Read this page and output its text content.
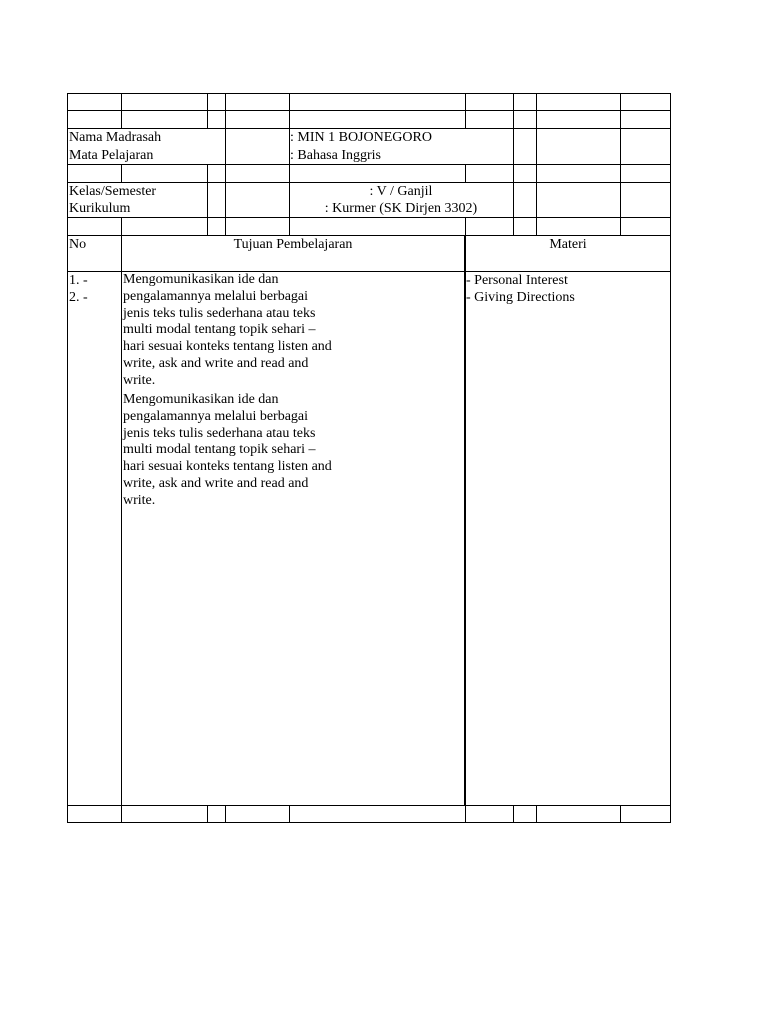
Nama Madrasah
Mata Pelajaran
: MIN 1 BOJONEGORO
: Bahasa Inggris
Kelas/Semester
Kurikulum
: V / Ganjil
: Kurmer (SK Dirjen 3302)
No	Tujuan Pembelajaran	Materi
1. -
2. -
Mengomunikasikan ide dan pengalamannya melalui berbagai jenis teks tulis sederhana atau teks multi modal tentang topik sehari – hari sesuai konteks tentang listen and write, ask and write and read and write.
Mengomunikasikan ide dan pengalamannya melalui berbagai jenis teks tulis sederhana atau teks multi modal tentang topik sehari – hari sesuai konteks tentang listen and write, ask and write and read and write.
- Personal Interest
- Giving Directions
